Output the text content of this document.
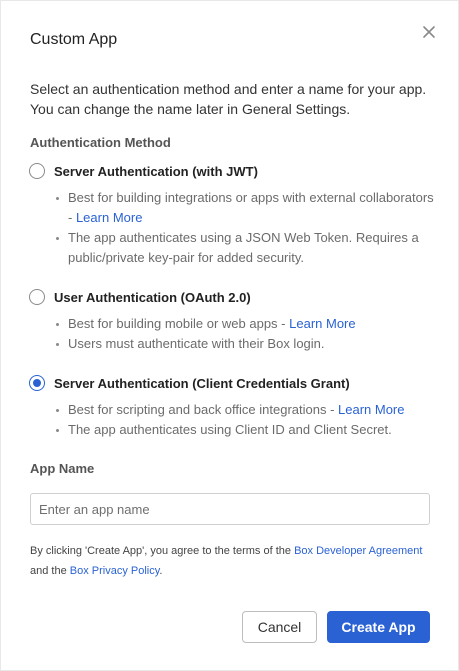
Custom App
Select an authentication method and enter a name for your app. You can change the name later in General Settings.
Authentication Method
Server Authentication (with JWT)
Best for building integrations or apps with external collaborators - Learn More
The app authenticates using a JSON Web Token. Requires a public/private key-pair for added security.
User Authentication (OAuth 2.0)
Best for building mobile or web apps - Learn More
Users must authenticate with their Box login.
Server Authentication (Client Credentials Grant)
Best for scripting and back office integrations - Learn More
The app authenticates using Client ID and Client Secret.
App Name
Enter an app name
By clicking 'Create App', you agree to the terms of the Box Developer Agreement and the Box Privacy Policy.
Cancel	Create App
